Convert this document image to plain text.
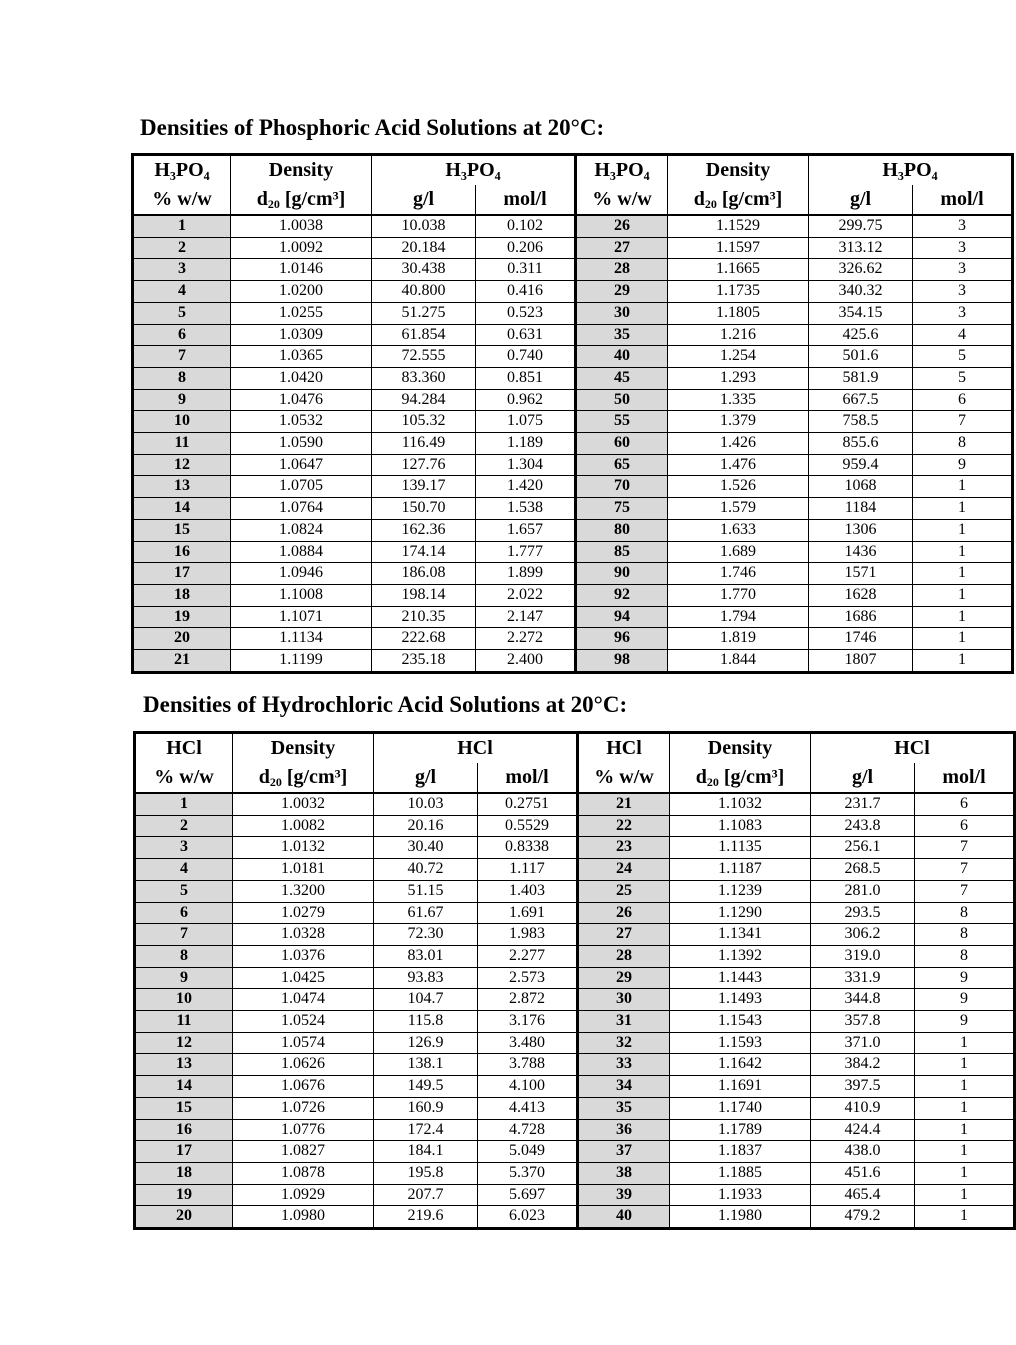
Densities of Phosphoric Acid Solutions at 20°C:
H₃PO₄	Density	H₃PO₄		H₃PO₄	Density	H₃PO₄	
% w/w	$d_{20}$ [g/cm³]	g/l	mol/l	% w/w	$d_{20}$ [g/cm³]	g/l	mol/l
1	1.0038	10.038	0.102	26	1.1529	299.75	3
2	1.0092	20.184	0.206	27	1.1597	313.12	3
3	1.0146	30.438	0.311	28	1.1665	326.62	3
4	1.0200	40.800	0.416	29	1.1735	340.32	3
5	1.0255	51.275	0.523	30	1.1805	354.15	3
6	1.0309	61.854	0.631	35	1.216	425.6	4
7	1.0365	72.555	0.740	40	1.254	501.6	5
8	1.0420	83.360	0.851	45	1.293	581.9	5
9	1.0476	94.284	0.962	50	1.335	667.5	6
10	1.0532	105.32	1.075	55	1.379	758.5	7
11	1.0590	116.49	1.189	60	1.426	855.6	8
12	1.0647	127.76	1.304	65	1.476	959.4	9
13	1.0705	139.17	1.420	70	1.526	1068	1
14	1.0764	150.70	1.538	75	1.579	1184	1
15	1.0824	162.36	1.657	80	1.633	1306	1
16	1.0884	174.14	1.777	85	1.689	1436	1
17	1.0946	186.08	1.899	90	1.746	1571	1
18	1.1008	198.14	2.022	92	1.770	1628	1
19	1.1071	210.35	2.147	94	1.794	1686	1
20	1.1134	222.68	2.272	96	1.819	1746	1
21	1.1199	235.18	2.400	98	1.844	1807	1
Densities of Hydrochloric Acid Solutions at 20°C:
HCl	Density	HCl		HCl	Density	HCl	
% w/w	$d_{20}$ [g/cm³]	g/l	mol/l	% w/w	$d_{20}$ [g/cm³]	g/l	mol/l
1	1.0032	10.03	0.2751	21	1.1032	231.7	6
2	1.0082	20.16	0.5529	22	1.1083	243.8	6
3	1.0132	30.40	0.8338	23	1.1135	256.1	7
4	1.0181	40.72	1.117	24	1.1187	268.5	7
5	1.3200	51.15	1.403	25	1.1239	281.0	7
6	1.0279	61.67	1.691	26	1.1290	293.5	8
7	1.0328	72.30	1.983	27	1.1341	306.2	8
8	1.0376	83.01	2.277	28	1.1392	319.0	8
9	1.0425	93.83	2.573	29	1.1443	331.9	9
10	1.0474	104.7	2.872	30	1.1493	344.8	9
11	1.0524	115.8	3.176	31	1.1543	357.8	9
12	1.0574	126.9	3.480	32	1.1593	371.0	1
13	1.0626	138.1	3.788	33	1.1642	384.2	1
14	1.0676	149.5	4.100	34	1.1691	397.5	1
15	1.0726	160.9	4.413	35	1.1740	410.9	1
16	1.0776	172.4	4.728	36	1.1789	424.4	1
17	1.0827	184.1	5.049	37	1.1837	438.0	1
18	1.0878	195.8	5.370	38	1.1885	451.6	1
19	1.0929	207.7	5.697	39	1.1933	465.4	1
20	1.0980	219.6	6.023	40	1.1980	479.2	1
